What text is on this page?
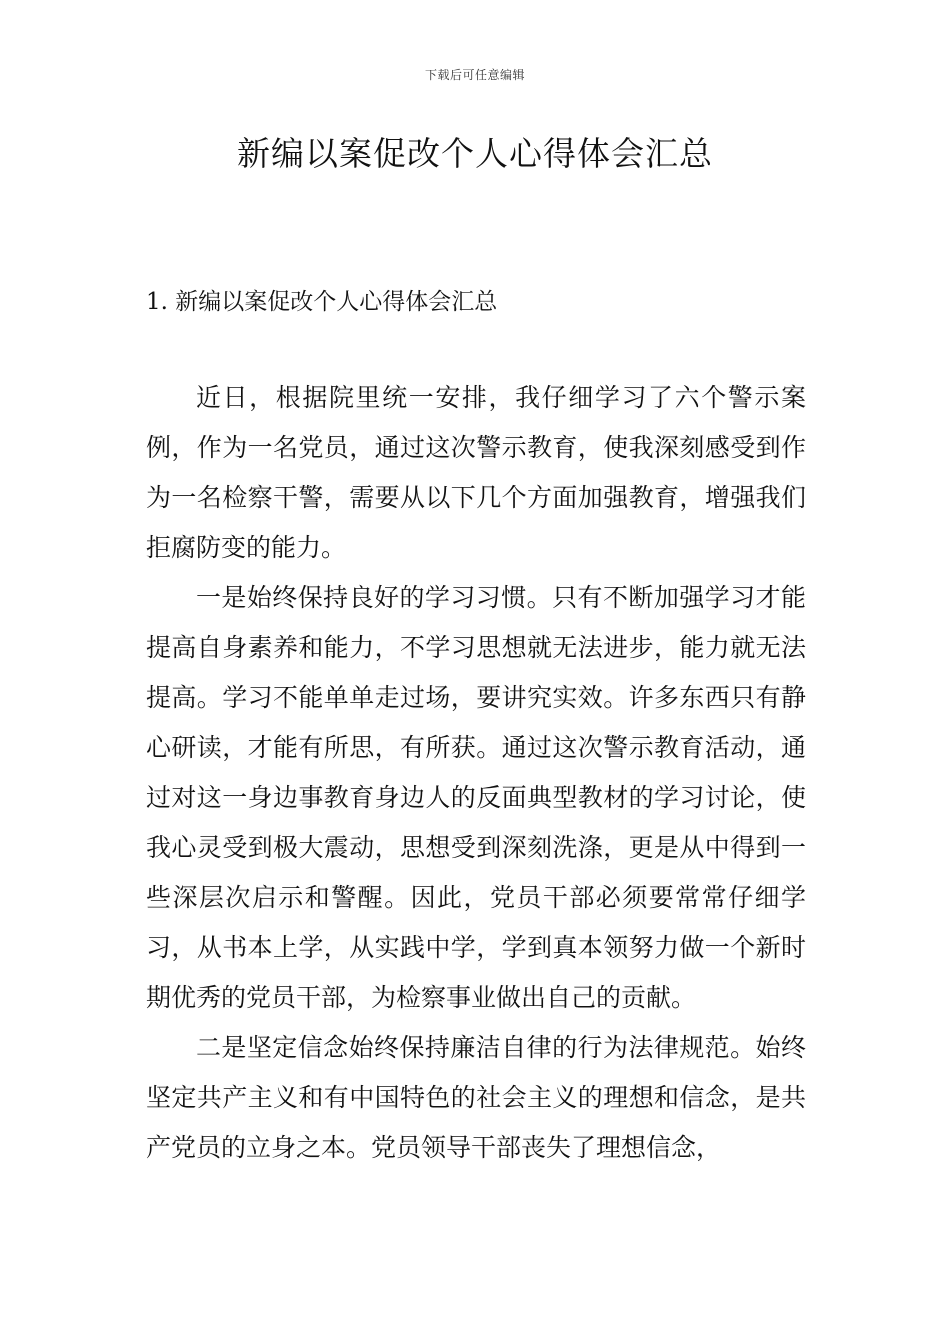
下载后可任意编辑
新编以案促改个人心得体会汇总
1. 新编以案促改个人心得体会汇总

近日，根据院里统一安排，我仔细学习了六个警示案例，作为一名党员，通过这次警示教育，使我深刻感受到作为一名检察干警，需要从以下几个方面加强教育，增强我们拒腐防变的能力。

一是始终保持良好的学习习惯。只有不断加强学习才能提高自身素养和能力，不学习思想就无法进步，能力就无法提高。学习不能单单走过场，要讲究实效。许多东西只有静心研读，才能有所思，有所获。通过这次警示教育活动，通过对这一身边事教育身边人的反面典型教材的学习讨论，使我心灵受到极大震动，思想受到深刻洗涤，更是从中得到一些深层次启示和警醒。因此，党员干部必须要常常仔细学习，从书本上学，从实践中学，学到真本领努力做一个新时期优秀的党员干部，为检察事业做出自己的贡献。

二是坚定信念始终保持廉洁自律的行为法律规范。始终坚定共产主义和有中国特色的社会主义的理想和信念，是共产党员的立身之本。党员领导干部丧失了理想信念，
